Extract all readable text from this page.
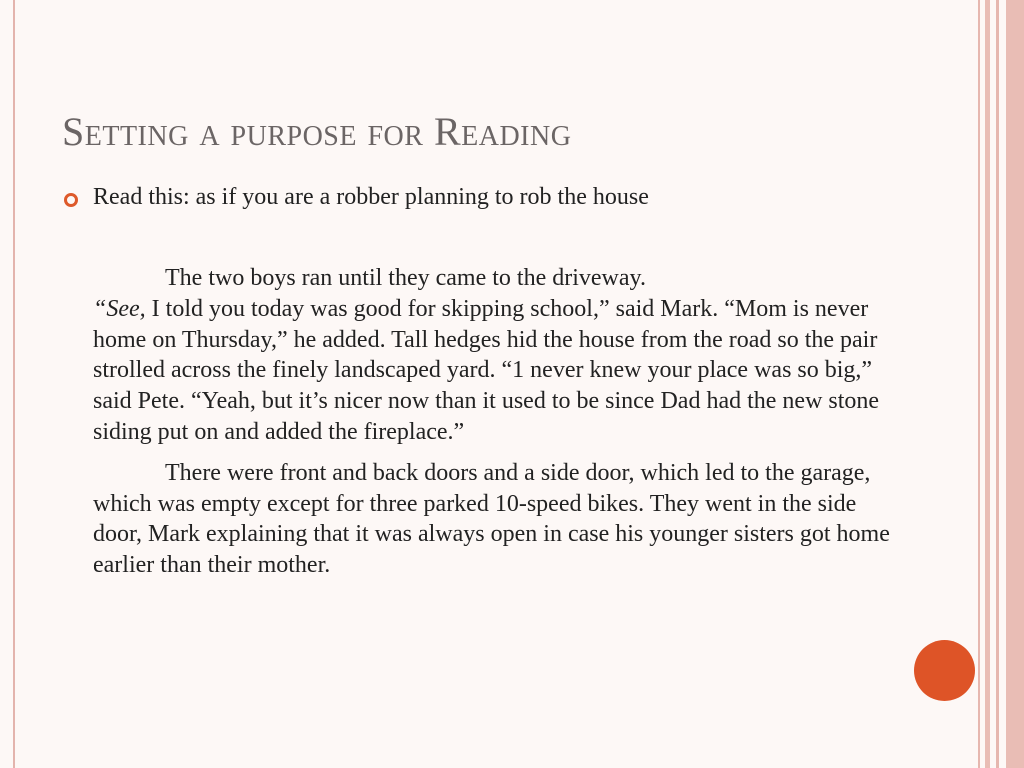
Setting a purpose for Reading
Read this: as if you are a robber planning to rob the house

The two boys ran until they came to the driveway.
“See, I told you today was good for skipping school,” said Mark. “Mom is never home on Thursday,” he added. Tall hedges hid the house from the road so the pair strolled across the finely landscaped yard. “1 never knew your place was so big,” said Pete. “Yeah, but it’s nicer now than it used to be since Dad had the new stone siding put on and added the fireplace.”

There were front and back doors and a side door, which led to the garage, which was empty except for three parked 10-speed bikes. They went in the side door, Mark explaining that it was always open in case his younger sisters got home earlier than their mother.
